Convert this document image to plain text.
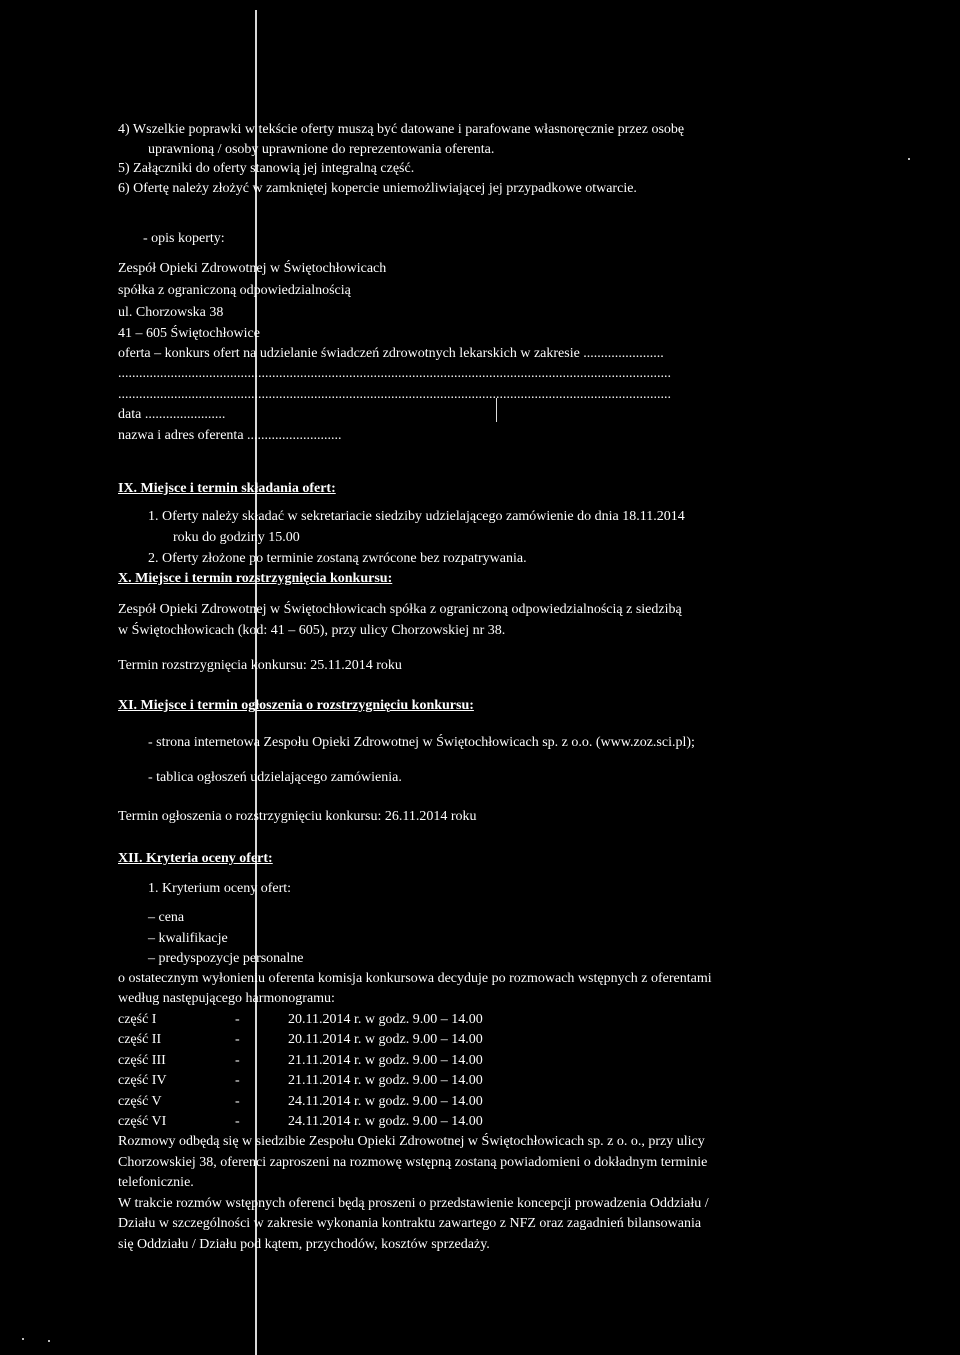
4) Wszelkie poprawki w tekście oferty muszą być datowane i parafowane własnoręcznie przez osobę
uprawnioną / osoby uprawnione do reprezentowania oferenta.
5) Załączniki do oferty stanowią jej integralną część.
6) Ofertę należy złożyć w zamkniętej kopercie uniemożliwiającej jej przypadkowe otwarcie.
- opis koperty:
Zespół Opieki Zdrowotnej w Świętochłowicach
spółka z ograniczoną odpowiedzialnością
ul. Chorzowska 38
41 – 605 Świętochłowice
oferta – konkurs ofert na udzielanie świadczeń zdrowotnych lekarskich w zakresie .......................
..............................................................................................................................................................
..............................................................................................................................................................
data .......................
nazwa i adres oferenta ...........................
IX. Miejsce i termin składania ofert:
1. Oferty należy składać w sekretariacie siedziby udzielającego zamówienie do dnia 18.11.2014
roku do godziny 15.00
2. Oferty złożone po terminie zostaną zwrócone bez rozpatrywania.
X. Miejsce i termin rozstrzygnięcia konkursu:
Zespół Opieki Zdrowotnej w Świętochłowicach spółka z ograniczoną odpowiedzialnością z siedzibą
w Świętochłowicach (kod: 41 – 605), przy ulicy Chorzowskiej nr 38.
Termin rozstrzygnięcia konkursu: 25.11.2014 roku
XI. Miejsce i termin ogłoszenia o rozstrzygnięciu konkursu:
- strona internetowa Zespołu Opieki Zdrowotnej w Świętochłowicach sp. z o.o. (www.zoz.sci.pl);
- tablica ogłoszeń udzielającego zamówienia.
Termin ogłoszenia o rozstrzygnięciu konkursu: 26.11.2014 roku
XII. Kryteria oceny ofert:
1. Kryterium oceny ofert:
– cena
– kwalifikacje
– predyspozycje personalne
o ostatecznym wyłonieniu oferenta komisja konkursowa decyduje po rozmowach wstępnych z oferentami
według następującego harmonogramu:
część I	-	20.11.2014 r. w godz. 9.00 – 14.00
część II	-	20.11.2014 r. w godz. 9.00 – 14.00
część III	-	21.11.2014 r. w godz. 9.00 – 14.00
część IV	-	21.11.2014 r. w godz. 9.00 – 14.00
część V	-	24.11.2014 r. w godz. 9.00 – 14.00
część VI	-	24.11.2014 r. w godz. 9.00 – 14.00
Rozmowy odbędą się w siedzibie Zespołu Opieki Zdrowotnej w Świętochłowicach sp. z o. o., przy ulicy
Chorzowskiej 38, oferenci zaproszeni na rozmowę wstępną zostaną powiadomieni o dokładnym terminie
telefonicznie.
W trakcie rozmów wstępnych oferenci będą proszeni o przedstawienie koncepcji prowadzenia Oddziału /
Działu w szczególności w zakresie wykonania kontraktu zawartego z NFZ oraz zagadnień bilansowania
się Oddziału / Działu pod kątem, przychodów, kosztów sprzedaży.
